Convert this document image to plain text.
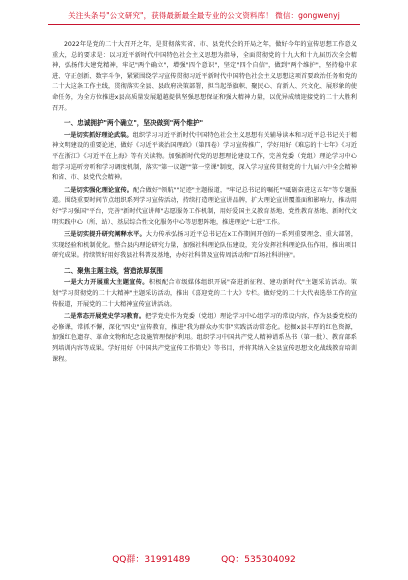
关注头条号"公文研究"，获得最新最全最专业的公文资料库！ 微信：gongwenyj

2022年是党的二十大召开之年，是贯彻落实省、市、县党代会的开局之年，做好今年的宣传思想工作意义重大，总的要求是：以习近平新时代中国特色社会主义思想为指导，全面贯彻党的十九大和十九届历次全会精神，弘扬伟大建党精神，牢记"两个确立"，增强"四个意识"，坚定"四个自信"，做到"两个维护"，坚持稳中求进、守正创新、数字斗争，紧紧围绕学习宣传贯彻习近平新时代中国特色社会主义思想这项首要政治任务和党的二十大这条工作主线，贯彻落实全县、县政府决策部署，担当起举旗帜、聚民心、育新人、兴文化、展形象的使命任务，为全方位推进x县高质量发展超越提供坚强思想保证和强大精神力量，以优异成绩迎接党的二十大胜利召开。

一、忠诚拥护"两个确立"，坚决做到"两个维护"

一是切实抓好理论武装。组织学习习近平新时代中国特色社会主义思想有关辅导读本和习近平总书记关于精神文明建设的重要论述，做好《习近平谈治国理政》（第四卷）学习宣传推广，学好用好《难忘的十七年》《习近平在浙江》《习近平在上海》等有关读物。加强新时代党的思想理论建设工作，完善党委（党组）理论学习中心组学习巡听旁听和学习调度机制，落实"第一议题""第一堂课"制度，深入学习宣传贯彻党的十九届六中全会精神和省、市、县党代会精神。

二是切实强化理论宣传。配合做好"领航""足迹"主题报道，"牢记总书记的嘱托""砥砺奋进这五年"等专题报道。围绕重要时间节点组织系列学习宣传活动，持续打造理论宣讲品牌，扩大理论宣讲覆盖面和影响力，推动用好"学习强国"平台，完善"新时代宣讲师"志愿服务工作机制，用好爱国主义教育基地、党性教育基地、新时代文明实践中心（所、站）、基层综合性文化服务中心等思想阵地，推进理论"七进"工作。

三是切实提升研究阐释水平。大力传承弘扬习近平总书记在x工作期间开创的一系列重要理念、重大部署，实现经验和机制优化。整合县内理论研究力量，加强社科理论队伍建设，充分发挥社科理论队伍作用，推出项目研究成果。持续管好用好我县社科普及基地，办好社科普及宣传周活动和"百场社科讲座"。

二、聚焦主题主线，营造浓厚氛围

一是大力开展重大主题宣传。积极配合市级媒体组织开展"奋进新征程、建功新时代"主题采访活动。策划"学习贯彻党的二十大精神"主题采访活动，推出《喜迎党的二十大》专栏。做好党的二十大代表选举工作的宣传报道，开展党的二十大精神宣传宣讲活动。

二是常态开展党史学习教育。把学党史作为党委（党组）理论学习中心组学习的常设内容，作为县委党校的必修课，常抓不懈，深化"四史"宣传教育，推进"我为群众办实事"实践活动常态化。挖掘x县丰厚的红色资源，加强红色遗存、革命文物和纪念设施管理保护利用。组织学习中国共产党人精神谱系丛书（第一批）、教育部系列培训内容等成果。学好用好《中国共产党宣传工作简史》等书目，并将其纳入全县宣传思想文化战线教育培训课程。

QQ群：31991489	QQ：535304092
